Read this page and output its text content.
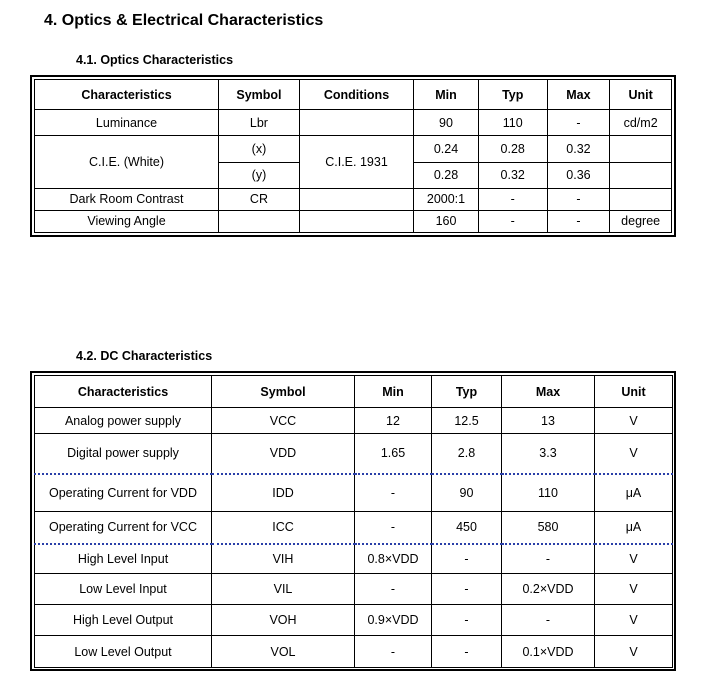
4. Optics & Electrical Characteristics
4.1. Optics Characteristics
Characteristics	Symbol	Conditions	Min	Typ	Max	Unit
Luminance	Lbr		90	110	-	cd/m2
C.I.E. (White)	(x)	C.I.E. 1931	0.24	0.28	0.32	
	(y)		0.28	0.32	0.36	
Dark Room Contrast	CR		2000:1	-	-	
Viewing Angle			160	-	-	degree
4.2. DC Characteristics
Characteristics	Symbol	Min	Typ	Max	Unit
Analog power supply	VCC	12	12.5	13	V
Digital power supply	VDD	1.65	2.8	3.3	V
Operating Current for VDD	IDD	-	90	110	μA
Operating Current for VCC	ICC	-	450	580	μA
High Level Input	VIH	0.8×VDD	-	-	V
Low Level Input	VIL	-	-	0.2×VDD	V
High Level Output	VOH	0.9×VDD	-	-	V
Low Level Output	VOL	-	-	0.1×VDD	V
